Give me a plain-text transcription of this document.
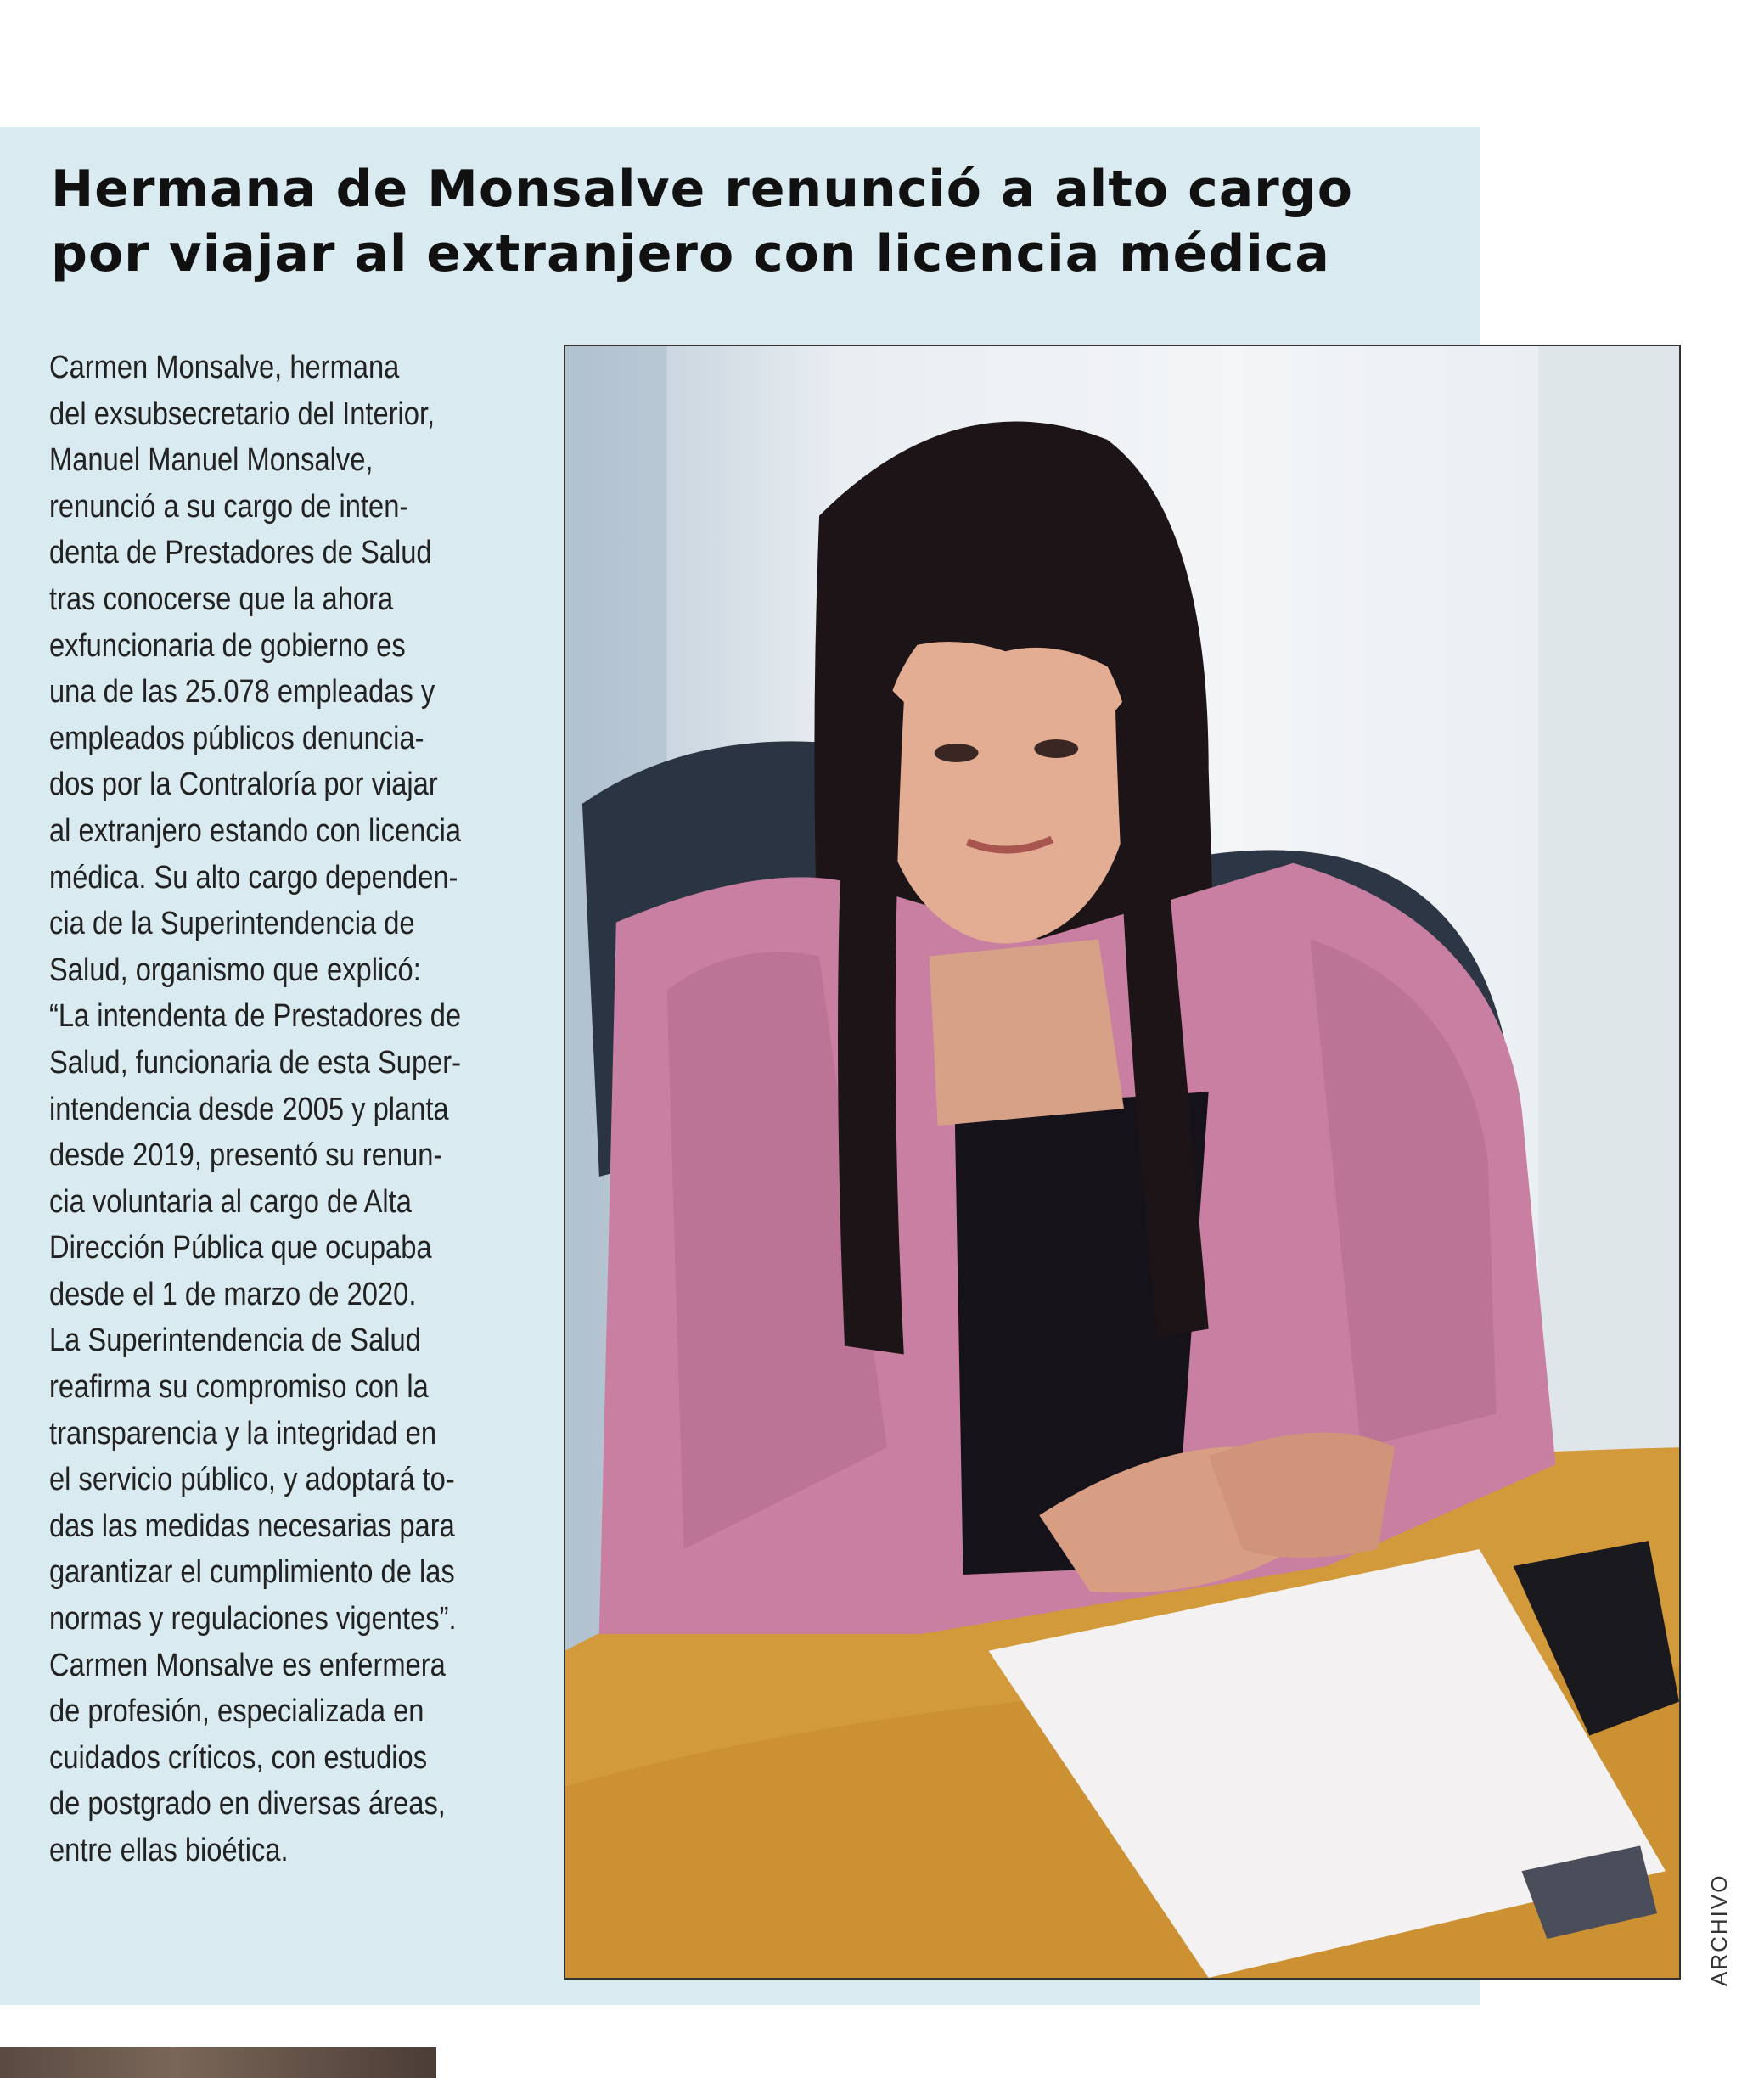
Hermana de Monsalve renunció a alto cargo
por viajar al extranjero con licencia médica
Carmen Monsalve, hermana
del exsubsecretario del Interior,
Manuel Manuel Monsalve,
renunció a su cargo de inten-
denta de Prestadores de Salud
tras conocerse que la ahora
exfuncionaria de gobierno es
una de las 25.078 empleadas y
empleados públicos denuncia-
dos por la Contraloría por viajar
al extranjero estando con licencia
médica. Su alto cargo dependen-
cia de la Superintendencia de
Salud, organismo que explicó:
“La intendenta de Prestadores de
Salud, funcionaria de esta Super-
intendencia desde 2005 y planta
desde 2019, presentó su renun-
cia voluntaria al cargo de Alta
Dirección Pública que ocupaba
desde el 1 de marzo de 2020.
La Superintendencia de Salud
reafirma su compromiso con la
transparencia y la integridad en
el servicio público, y adoptará to-
das las medidas necesarias para
garantizar el cumplimiento de las
normas y regulaciones vigentes”.
Carmen Monsalve es enfermera
de profesión, especializada en
cuidados críticos, con estudios
de postgrado en diversas áreas,
entre ellas bioética.
ARCHIVO
